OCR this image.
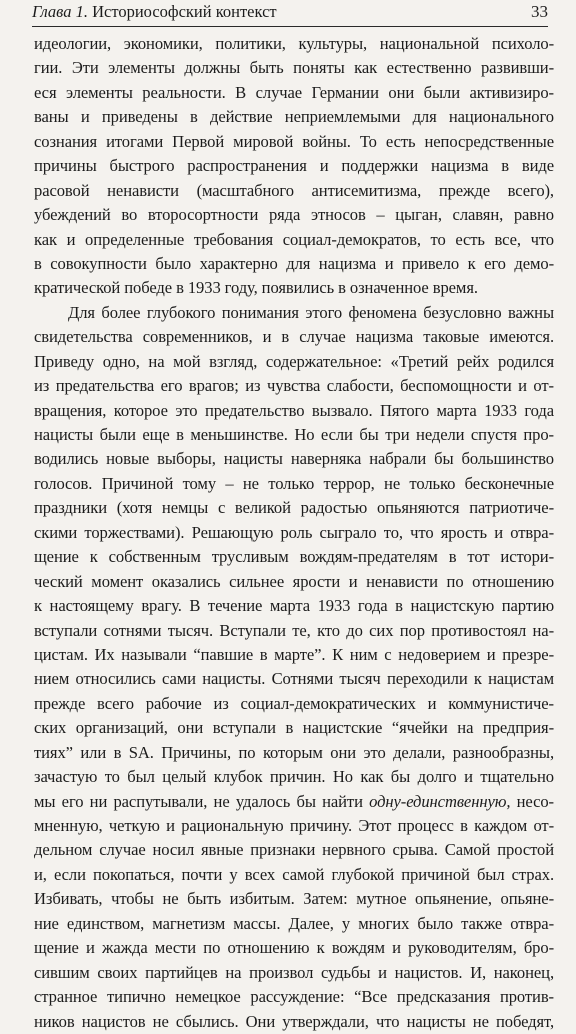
Глава 1. Историософский контекст	33
идеологии, экономики, политики, культуры, национальной психоло-
гии. Эти элементы должны быть поняты как естественно развивши-
еся элементы реальности. В случае Германии они были активизиро-
ваны и приведены в действие неприемлемыми для национального
сознания итогами Первой мировой войны. То есть непосредственные
причины быстрого распространения и поддержки нацизма в виде
расовой ненависти (масштабного антисемитизма, прежде всего),
убеждений во второсортности ряда этносов – цыган, славян, равно
как и определенные требования социал-демократов, то есть все, что
в совокупности было характерно для нацизма и привело к его демо-
кратической победе в 1933 году, появились в означенное время.
Для более глубокого понимания этого феномена безусловно важны
свидетельства современников, и в случае нацизма таковые имеются.
Приведу одно, на мой взгляд, содержательное: «Третий рейх родился
из предательства его врагов; из чувства слабости, беспомощности и от-
вращения, которое это предательство вызвало. Пятого марта 1933 года
нацисты были еще в меньшинстве. Но если бы три недели спустя про-
водились новые выборы, нацисты наверняка набрали бы большинство
голосов. Причиной тому – не только террор, не только бесконечные
праздники (хотя немцы с великой радостью опьяняются патриотиче-
скими торжествами). Решающую роль сыграло то, что ярость и отвра-
щение к собственным трусливым вождям-предателям в тот истори-
ческий момент оказались сильнее ярости и ненависти по отношению
к настоящему врагу. В течение марта 1933 года в нацистскую партию
вступали сотнями тысяч. Вступали те, кто до сих пор противостоял на-
цистам. Их называли “павшие в марте”. К ним с недоверием и презре-
нием относились сами нацисты. Сотнями тысяч переходили к нацистам
прежде всего рабочие из социал-демократических и коммунистиче-
ских организаций, они вступали в нацистские “ячейки на предприя-
тиях” или в SA. Причины, по которым они это делали, разнообразны,
зачастую то был целый клубок причин. Но как бы долго и тщательно
мы его ни распутывали, не удалось бы найти одну-единственную, несо-
мненную, четкую и рациональную причину. Этот процесс в каждом от-
дельном случае носил явные признаки нервного срыва. Самой простой
и, если покопаться, почти у всех самой глубокой причиной был страх.
Избивать, чтобы не быть избитым. Затем: мутное опьянение, опьяне-
ние единством, магнетизм массы. Далее, у многих было также отвра-
щение и жажда мести по отношению к вождям и руководителям, бро-
сившим своих партийцев на произвол судьбы и нацистов. И, наконец,
странное типично немецкое рассуждение: “Все предсказания против-
ников нацистов не сбылись. Они утверждали, что нацисты не победят,
